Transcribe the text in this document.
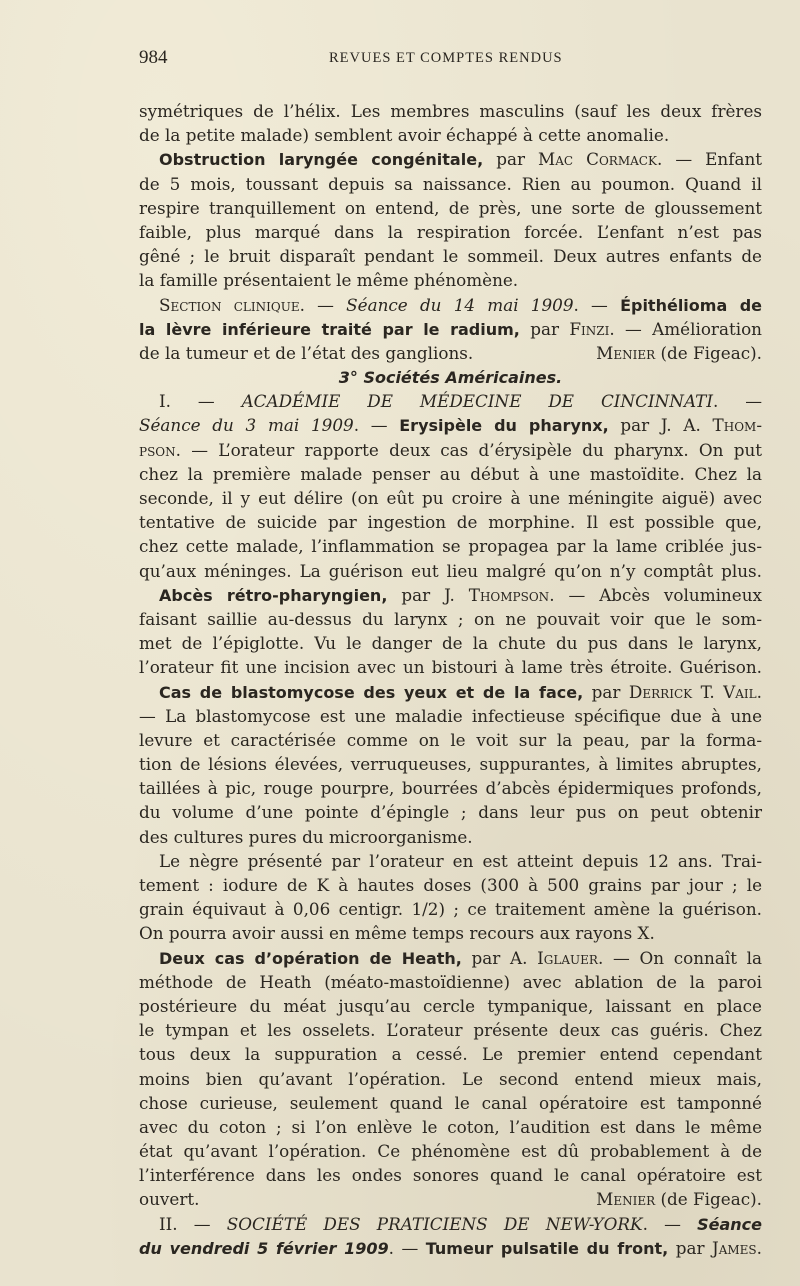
984	REVUES ET COMPTES RENDUS
symétriques de l’hélix. Les membres masculins (sauf les deux frères
de la petite malade) semblent avoir échappé à cette anomalie.
Obstruction laryngée congénitale, par Mac Cormack. — Enfant
de 5 mois, toussant depuis sa naissance. Rien au poumon. Quand il
respire tranquillement on entend, de près, une sorte de gloussement
faible, plus marqué dans la respiration forcée. L’enfant n’est pas
gêné ; le bruit disparaît pendant le sommeil. Deux autres enfants de
la famille présentaient le même phénomène.
Section clinique. — Séance du 14 mai 1909. — Épithélioma de
la lèvre inférieure traité par le radium, par Finzi. — Amélioration
de la tumeur et de l’état des ganglions.	Menier (de Figeac).
3° Sociétés Américaines.
I. — ACADÉMIE DE MÉDECINE DE CINCINNATI. —
Séance du 3 mai 1909. — Erysipèle du pharynx, par J. A. Thom-
pson. — L’orateur rapporte deux cas d’érysipèle du pharynx. On put
chez la première malade penser au début à une mastoïdite. Chez la
seconde, il y eut délire (on eût pu croire à une méningite aiguë) avec
tentative de suicide par ingestion de morphine. Il est possible que,
chez cette malade, l’inflammation se propagea par la lame criblée jus-
qu’aux méninges. La guérison eut lieu malgré qu’on n’y comptât plus.
Abcès rétro-pharyngien, par J. Thompson. — Abcès volumineux
faisant saillie au-dessus du larynx ; on ne pouvait voir que le som-
met de l’épiglotte. Vu le danger de la chute du pus dans le larynx,
l’orateur fit une incision avec un bistouri à lame très étroite. Guérison.
Cas de blastomycose des yeux et de la face, par Derrick T. Vail.
— La blastomycose est une maladie infectieuse spécifique due à une
levure et caractérisée comme on le voit sur la peau, par la forma-
tion de lésions élevées, verruqueuses, suppurantes, à limites abruptes,
taillées à pic, rouge pourpre, bourrées d’abcès épidermiques profonds,
du volume d’une pointe d’épingle ; dans leur pus on peut obtenir
des cultures pures du microorganisme.
Le nègre présenté par l’orateur en est atteint depuis 12 ans. Trai-
tement : iodure de K à hautes doses (300 à 500 grains par jour ; le
grain équivaut à 0,06 centigr. 1/2) ; ce traitement amène la guérison.
On pourra avoir aussi en même temps recours aux rayons X.
Deux cas d’opération de Heath, par A. Iglauer. — On connaît la
méthode de Heath (méato-mastoïdienne) avec ablation de la paroi
postérieure du méat jusqu’au cercle tympanique, laissant en place
le tympan et les osselets. L’orateur présente deux cas guéris. Chez
tous deux la suppuration a cessé. Le premier entend cependant
moins bien qu’avant l’opération. Le second entend mieux mais,
chose curieuse, seulement quand le canal opératoire est tamponné
avec du coton ; si l’on enlève le coton, l’audition est dans le même
état qu’avant l’opération. Ce phénomène est dû probablement à de
l’interférence dans les ondes sonores quand le canal opératoire est
ouvert.	Menier (de Figeac).
II. — SOCIÉTÉ DES PRATICIENS DE NEW-YORK. — Séance
du vendredi 5 février 1909. — Tumeur pulsatile du front, par James.
